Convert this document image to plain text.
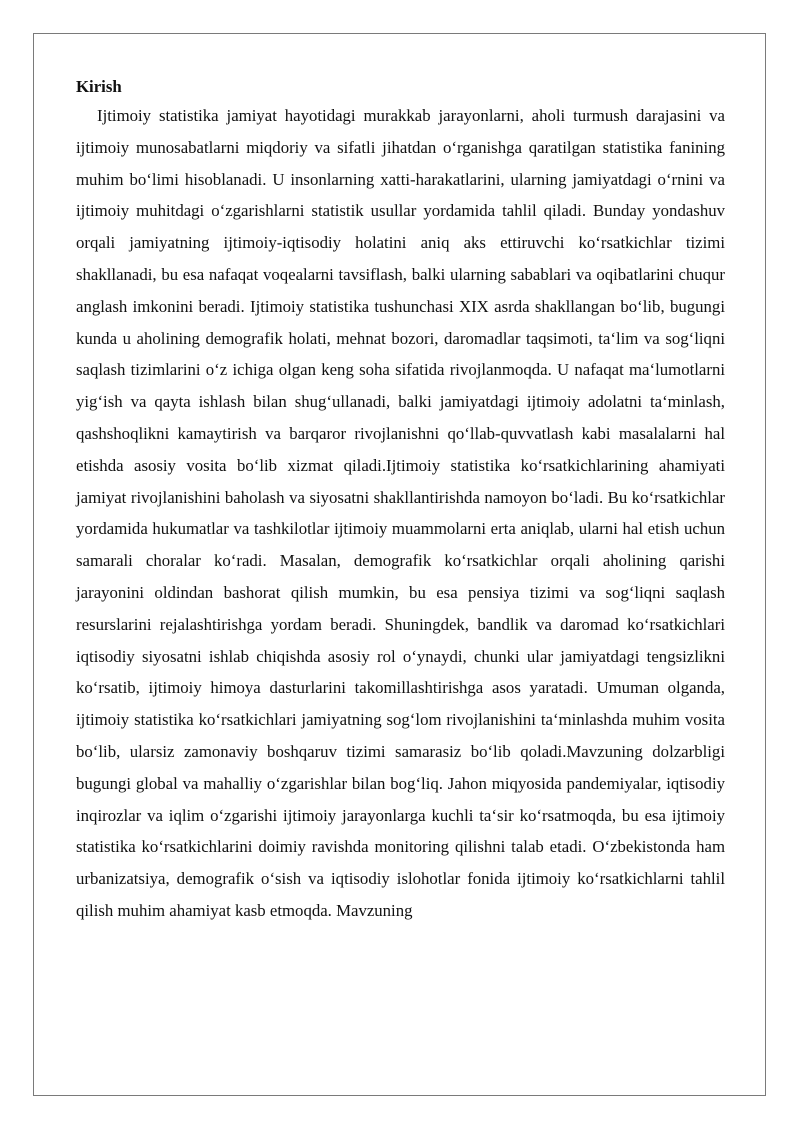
Kirish

Ijtimoiy statistika jamiyat hayotidagi murakkab jarayonlarni, aholi turmush darajasini va ijtimoiy munosabatlarni miqdoriy va sifatli jihatdan o‘rganishga qaratilgan statistika fanining muhim bo‘limi hisoblanadi. U insonlarning xatti-harakatlarini, ularning jamiyatdagi o‘rnini va ijtimoiy muhitdagi o‘zgarishlarni statistik usullar yordamida tahlil qiladi. Bunday yondashuv orqali jamiyatning ijtimoiy-iqtisodiy holatini aniq aks ettiruvchi ko‘rsatkichlar tizimi shakllanadi, bu esa nafaqat voqealarni tavsiflash, balki ularning sabablari va oqibatlarini chuqur anglash imkonini beradi. Ijtimoiy statistika tushunchasi XIX asrda shakllangan bo‘lib, bugungi kunda u aholining demografik holati, mehnat bozori, daromadlar taqsimoti, ta‘lim va sog‘liqni saqlash tizimlarini o‘z ichiga olgan keng soha sifatida rivojlanmoqda. U nafaqat ma‘lumotlarni yig‘ish va qayta ishlash bilan shug‘ullanadi, balki jamiyatdagi ijtimoiy adolatni ta‘minlash, qashshoqlikni kamaytirish va barqaror rivojlanishni qo‘llab-quvvatlash kabi masalalarni hal etishda asosiy vosita bo‘lib xizmat qiladi.Ijtimoiy statistika ko‘rsatkichlarining ahamiyati jamiyat rivojlanishini baholash va siyosatni shakllantirishda namoyon bo‘ladi. Bu ko‘rsatkichlar yordamida hukumatlar va tashkilotlar ijtimoiy muammolarni erta aniqlab, ularni hal etish uchun samarali choralar ko‘radi. Masalan, demografik ko‘rsatkichlar orqali aholining qarishi jarayonini oldindan bashorat qilish mumkin, bu esa pensiya tizimi va sog‘liqni saqlash resurslarini rejalashtirishga yordam beradi. Shuningdek, bandlik va daromad ko‘rsatkichlari iqtisodiy siyosatni ishlab chiqishda asosiy rol o‘ynaydi, chunki ular jamiyatdagi tengsizlikni ko‘rsatib, ijtimoiy himoya dasturlarini takomillashtirishga asos yaratadi. Umuman olganda, ijtimoiy statistika ko‘rsatkichlari jamiyatning sog‘lom rivojlanishini ta‘minlashda muhim vosita bo‘lib, ularsiz zamonaviy boshqaruv tizimi samarasiz bo‘lib qoladi.Mavzuning dolzarbligi bugungi global va mahalliy o‘zgarishlar bilan bog‘liq. Jahon miqyosida pandemiyalar, iqtisodiy inqirozlar va iqlim o‘zgarishi ijtimoiy jarayonlarga kuchli ta‘sir ko‘rsatmoqda, bu esa ijtimoiy statistika ko‘rsatkichlarini doimiy ravishda monitoring qilishni talab etadi. O‘zbekistonda ham urbanizatsiya, demografik o‘sish va iqtisodiy islohotlar fonida ijtimoiy ko‘rsatkichlarni tahlil qilish muhim ahamiyat kasb etmoqda. Mavzuning
